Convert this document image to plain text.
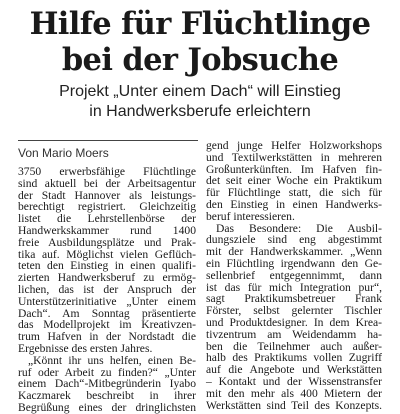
Hilfe für Flüchtlinge
bei der Jobsuche
Projekt „Unter einem Dach“ will Einstieg
in Handwerksberufe erleichtern
Von Mario Moers
3750 erwerbsfähige Flüchtlinge
sind aktuell bei der Arbeitsagentur
der Stadt Hannover als leistungs-
berechtigt registriert. Gleichzeitig
listet die Lehrstellenbörse der
Handwerkskammer rund 1400
freie Ausbildungsplätze und Prak-
tika auf. Möglichst vielen Geflüch-
teten den Einstieg in einen qualifi-
zierten Handwerksberuf zu ermög-
lichen, das ist der Anspruch der
Unterstützerinitiative „Unter einem
Dach“. Am Sonntag präsentierte
das Modellprojekt im Kreativzen-
trum Hafven in der Nordstadt die
Ergebnisse des ersten Jahres.
„Könnt ihr uns helfen, einen Be-
ruf oder Arbeit zu finden?“ „Unter
einem Dach“-Mitbegründerin Iyabo
Kaczmarek beschreibt in ihrer
Begrüßung eines der dringlichsten
gend junge Helfer Holzworkshops
und Textilwerkstätten in mehreren
Großunterkünften. Im Hafven fin-
det seit einer Woche ein Praktikum
für Flüchtlinge statt, die sich für
den Einstieg in einen Handwerks-
beruf interessieren.
Das Besondere: Die Ausbil-
dungsziele sind eng abgestimmt
mit der Handwerkskammer. „Wenn
ein Flüchtling irgendwann den Ge-
sellenbrief entgegennimmt, dann
ist das für mich Integration pur“,
sagt Praktikumsbetreuer Frank
Förster, selbst gelernter Tischler
und Produktdesigner. In dem Krea-
tivzentrum am Weidendamm ha-
ben die Teilnehmer auch außer-
halb des Praktikums vollen Zugriff
auf die Angebote und Werkstätten
– Kontakt und der Wissenstransfer
mit den mehr als 400 Mietern der
Werkstätten sind Teil des Konzepts.
